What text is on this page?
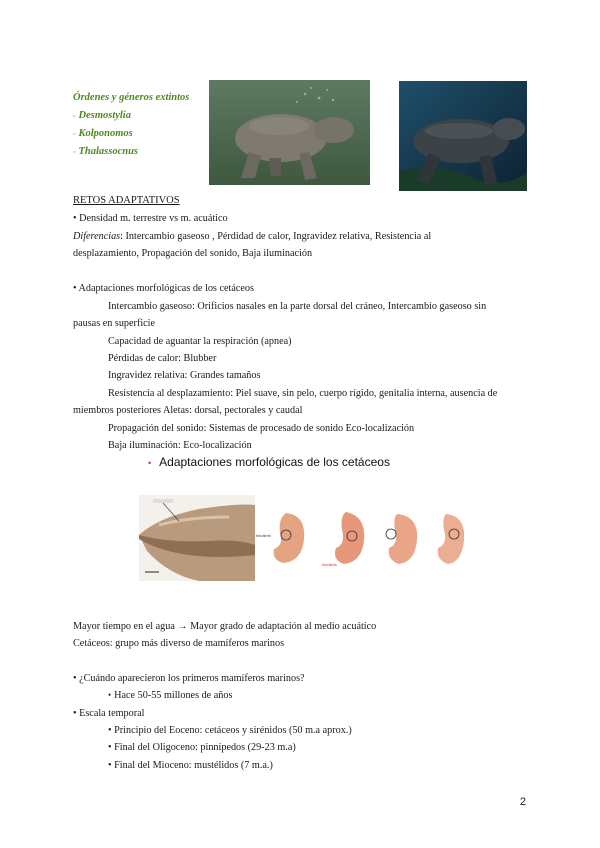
Órdenes y géneros extintos
▫ Desmostylia
▫ Kolponomos
▫ Thalassocnus
RETOS ADAPTATIVOS
• Densidad m. terrestre vs m. acuático
Diferencias: Intercambio gaseoso , Pérdidad de calor, Ingravidez relativa, Resistencia al
desplazamiento, Propagación del sonido, Baja iluminación
• Adaptaciones morfológicas de los cetáceos
Intercambio gaseoso: Orificios nasales en la parte dorsal del cráneo, Intercambio gaseoso sin
pausas en superficie
Capacidad de aguantar la respiración (apnea)
Pérdidas de calor: Blubber
Ingravidez relativa: Grandes tamaños
Resistencia al desplazamiento: Piel suave, sin pelo, cuerpo rígido, genitalia interna, ausencia de
miembros posteriores Aletas: dorsal, pectorales y caudal
Propagación del sonido: Sistemas de procesado de sonido Eco-localización
Baja iluminación: Eco-localización
• Adaptaciones morfológicas de los cetáceos
hindlimb
hindlimb
Mayor tiempo en el agua → Mayor grado de adaptación al medio acuático
Cetáceos: grupo más diverso de mamíferos marinos
• ¿Cuándo aparecieron los primeros mamíferos marinos?
• Hace 50-55 millones de años
• Escala temporal
• Principio del Eoceno: cetáceos y sirénidos (50 m.a aprox.)
• Final del Oligoceno: pinnípedos (29-23 m.a)
• Final del Mioceno: mustélidos (7 m.a.)
2
